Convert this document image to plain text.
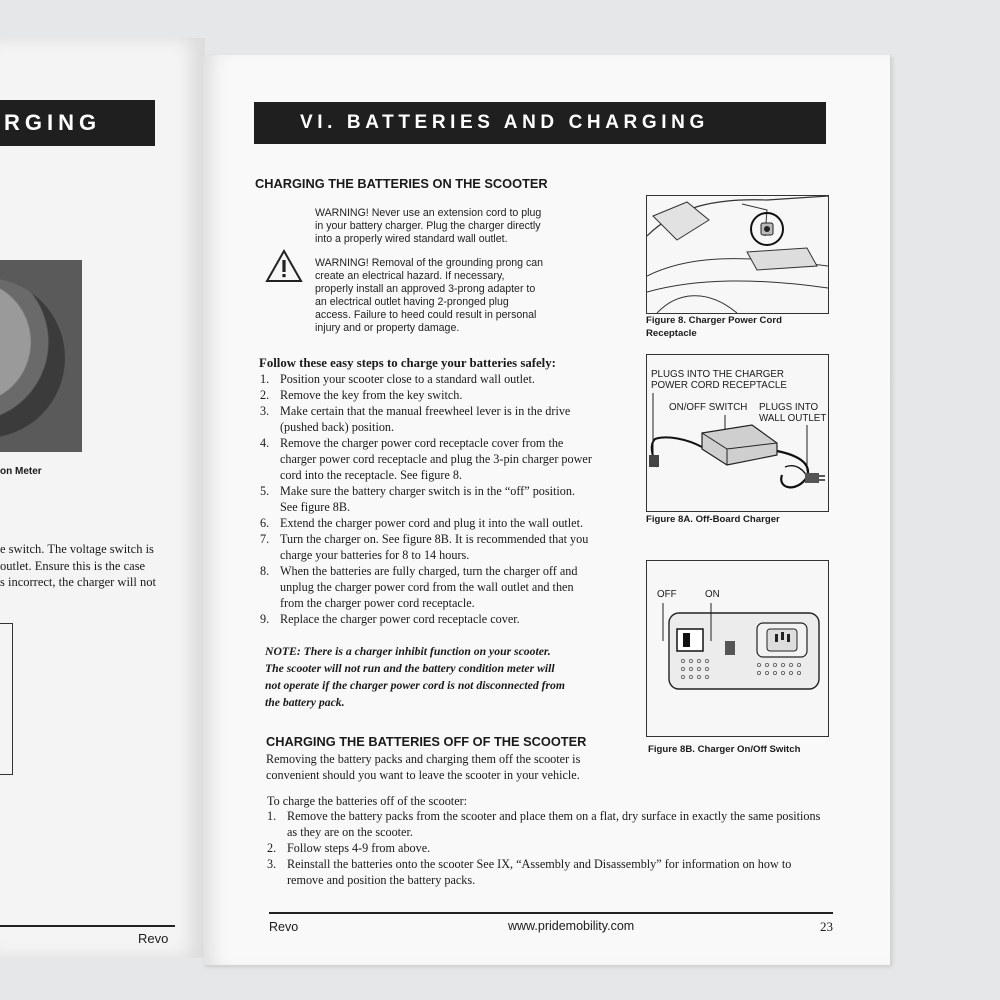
RGING
on Meter
e switch. The voltage switch is
outlet. Ensure this is the case
s incorrect, the charger will not
Revo
VI. BATTERIES AND CHARGING
CHARGING THE BATTERIES ON THE SCOOTER
WARNING! Never use an extension cord to plug
in your battery charger. Plug the charger directly
into a properly wired standard wall outlet.
WARNING! Removal of the grounding prong can
create an electrical hazard. If necessary,
properly install an approved 3-prong adapter to
an electrical outlet having 2-pronged plug
access. Failure to heed could result in personal
injury and or property damage.
Follow these easy steps to charge your batteries safely:
1. Position your scooter close to a standard wall outlet.
2. Remove the key from the key switch.
3. Make certain that the manual freewheel lever is in the drive
(pushed back) position.
4. Remove the charger power cord receptacle cover from the
charger power cord receptacle and plug the 3-pin charger power
cord into the receptacle. See figure 8.
5. Make sure the battery charger switch is in the “off” position.
See figure 8B.
6. Extend the charger power cord and plug it into the wall outlet.
7. Turn the charger on. See figure 8B. It is recommended that you
charge your batteries for 8 to 14 hours.
8. When the batteries are fully charged, turn the charger off and
unplug the charger power cord from the wall outlet and then
from the charger power cord receptacle.
9. Replace the charger power cord receptacle cover.
NOTE: There is a charger inhibit function on your scooter.
The scooter will not run and the battery condition meter will
not operate if the charger power cord is not disconnected from
the battery pack.
CHARGING THE BATTERIES OFF OF THE SCOOTER
Removing the battery packs and charging them off the scooter is
convenient should you want to leave the scooter in your vehicle.
To charge the batteries off of the scooter:
1. Remove the battery packs from the scooter and place them on a flat, dry surface in exactly the same positions
as they are on the scooter.
2. Follow steps 4-9 from above.
3. Reinstall the batteries onto the scooter See IX, “Assembly and Disassembly” for information on how to
remove and position the battery packs.
Figure 8. Charger Power Cord
Receptacle
PLUGS INTO THE CHARGER
POWER CORD RECEPTACLE
ON/OFF SWITCH PLUGS INTO
WALL OUTLET
Figure 8A. Off-Board Charger
OFF	ON
Figure 8B. Charger On/Off Switch
Revo	www.pridemobility.com	23
